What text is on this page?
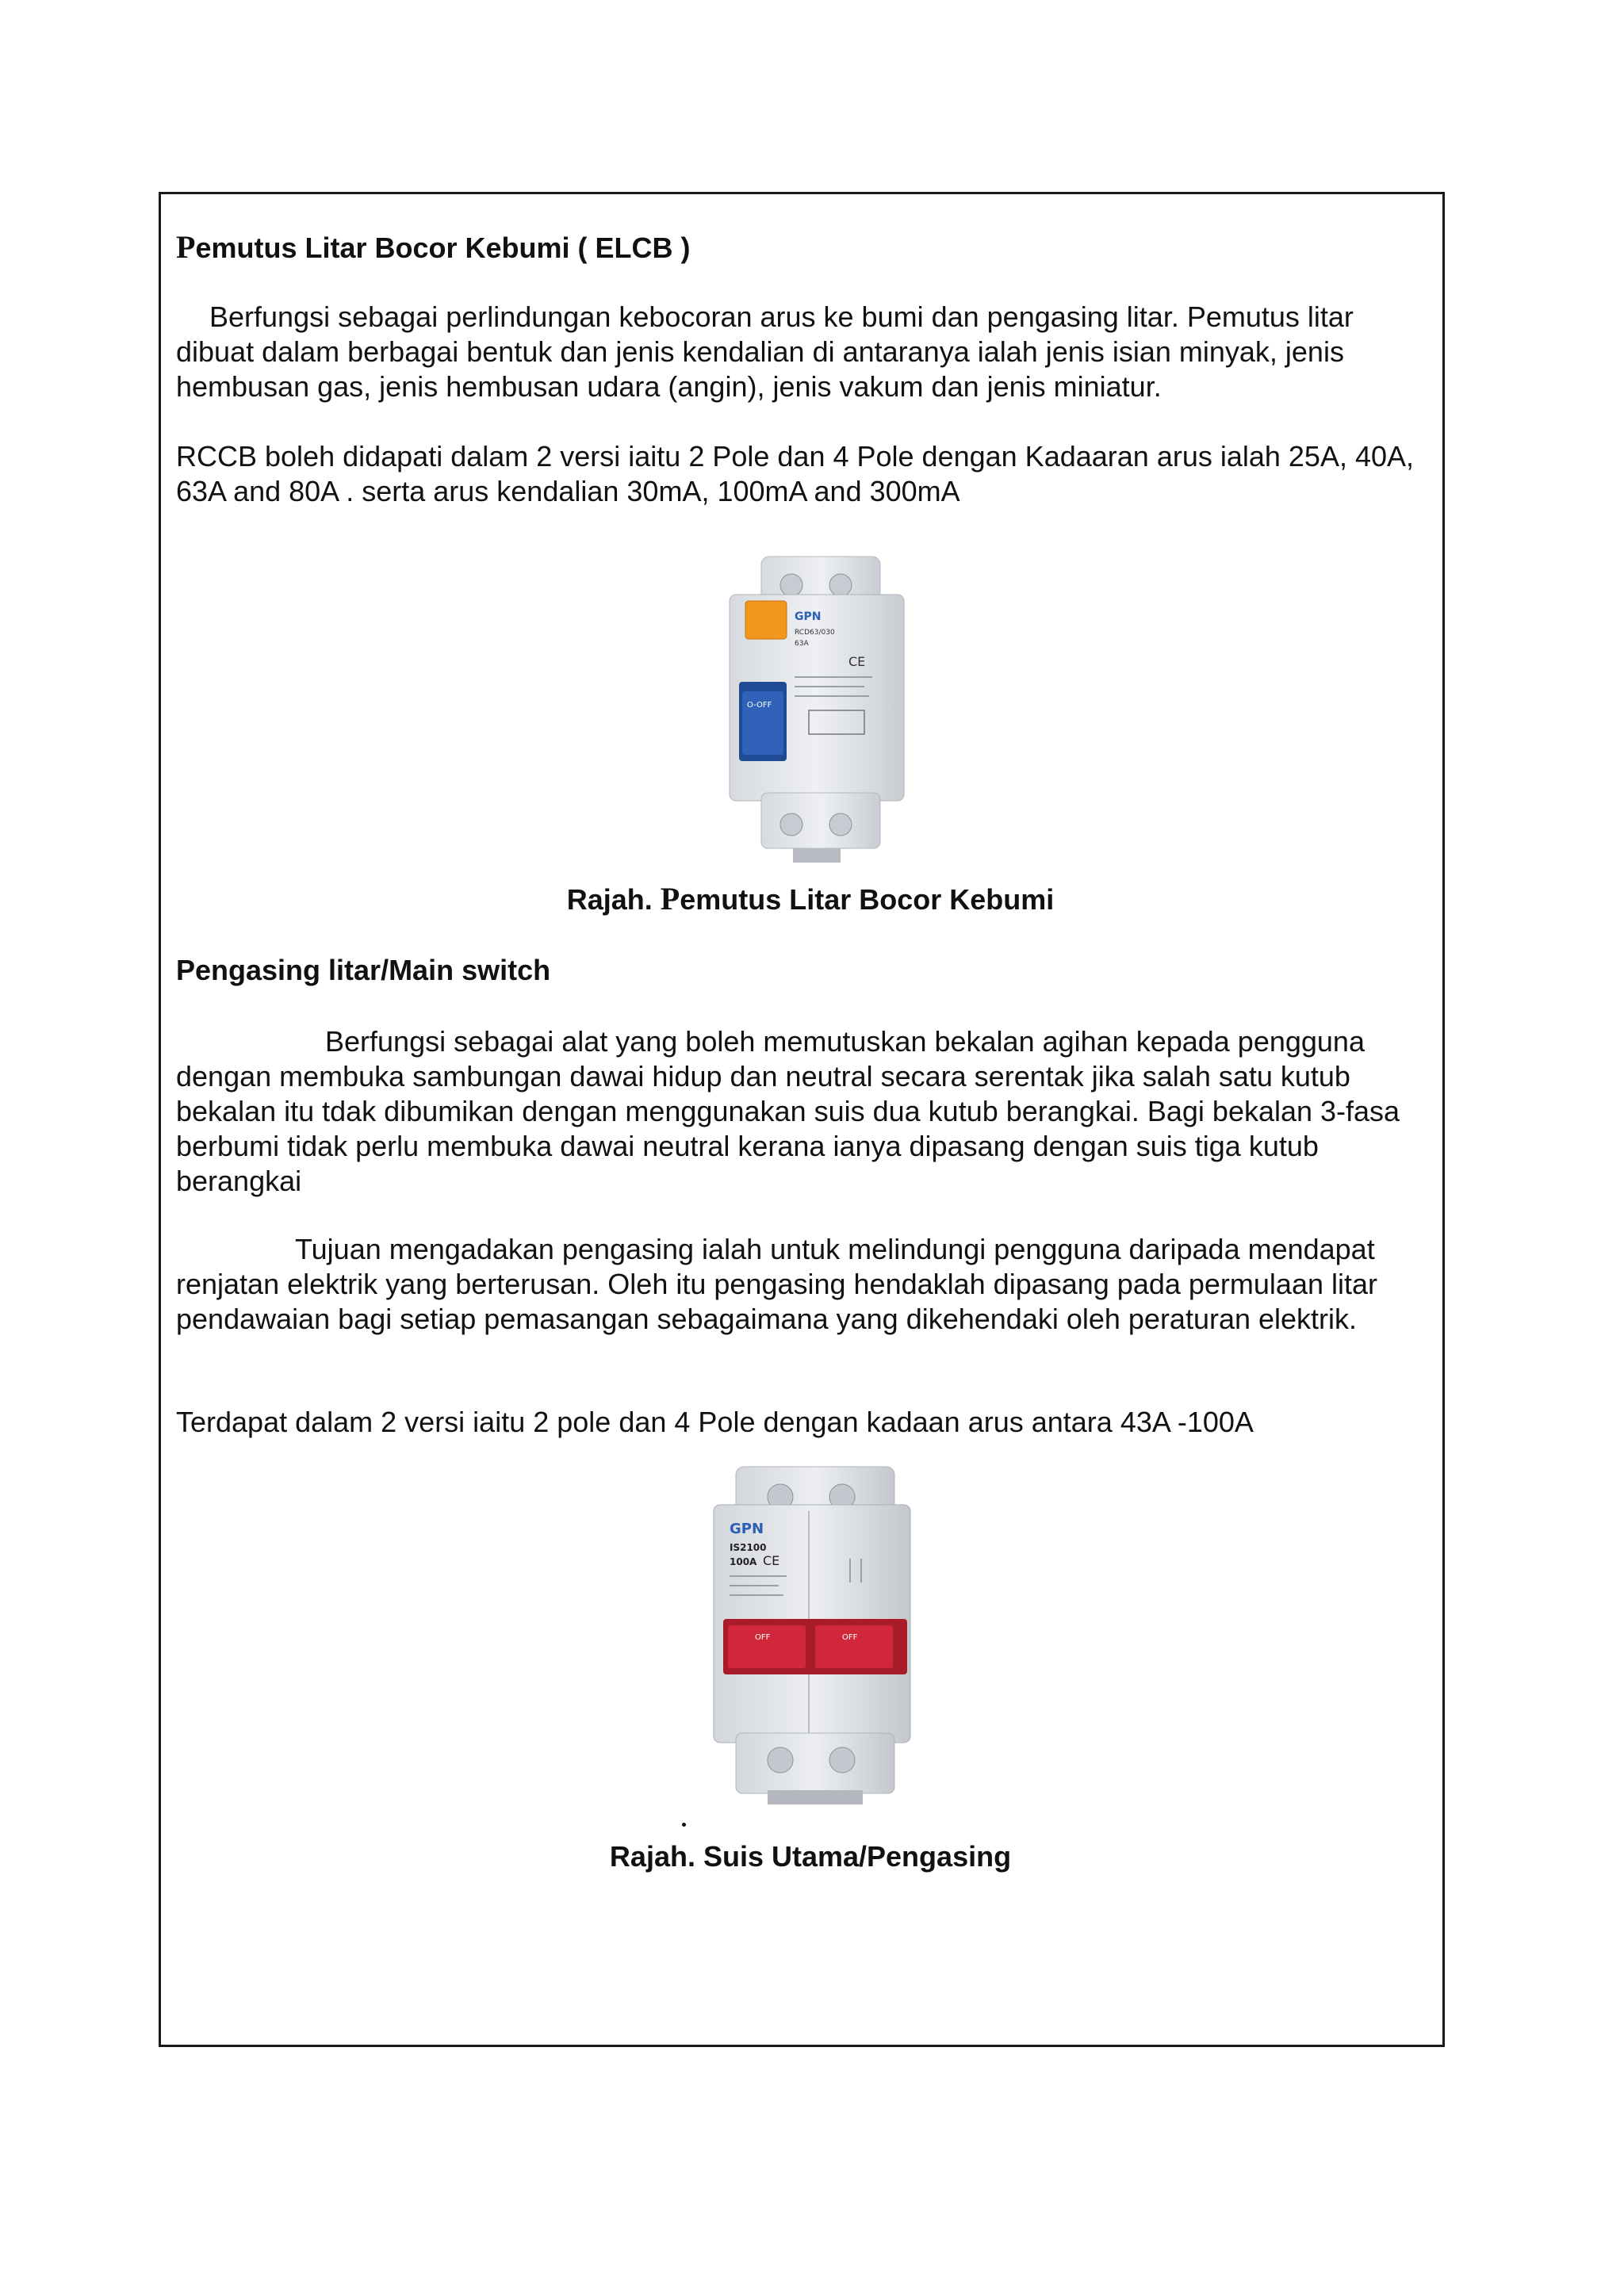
Pemutus Litar Bocor Kebumi ( ELCB )

Berfungsi sebagai perlindungan kebocoran arus ke bumi dan pengasing litar. Pemutus litar dibuat dalam berbagai bentuk dan jenis kendalian di antaranya ialah jenis isian minyak, jenis hembusan gas, jenis hembusan udara (angin), jenis vakum dan jenis miniatur.

RCCB boleh didapati dalam 2 versi iaitu 2 Pole dan 4 Pole dengan Kadaaran arus ialah 25A, 40A, 63A and 80A . serta arus kendalian 30mA, 100mA and 300mA

GPN
RCD63/030
63A
CE
O-OFF

Rajah. Pemutus Litar Bocor Kebumi

Pengasing litar/Main switch

Berfungsi sebagai alat yang boleh memutuskan bekalan agihan kepada pengguna dengan membuka sambungan dawai hidup dan neutral secara serentak jika salah satu kutub bekalan itu tdak dibumikan dengan menggunakan suis dua kutub berangkai. Bagi bekalan 3-fasa berbumi tidak perlu membuka dawai neutral kerana ianya dipasang dengan suis tiga kutub berangkai

Tujuan mengadakan pengasing ialah untuk melindungi pengguna daripada mendapat renjatan elektrik yang berterusan. Oleh itu pengasing hendaklah dipasang pada permulaan litar pendawaian bagi setiap pemasangan sebagaimana yang dikehendaki oleh peraturan elektrik.

Terdapat dalam 2 versi iaitu 2 pole dan 4 Pole dengan kadaan arus antara 43A -100A

GPN
IS2100
100A CE
OFF	OFF

Rajah. Suis Utama/Pengasing
